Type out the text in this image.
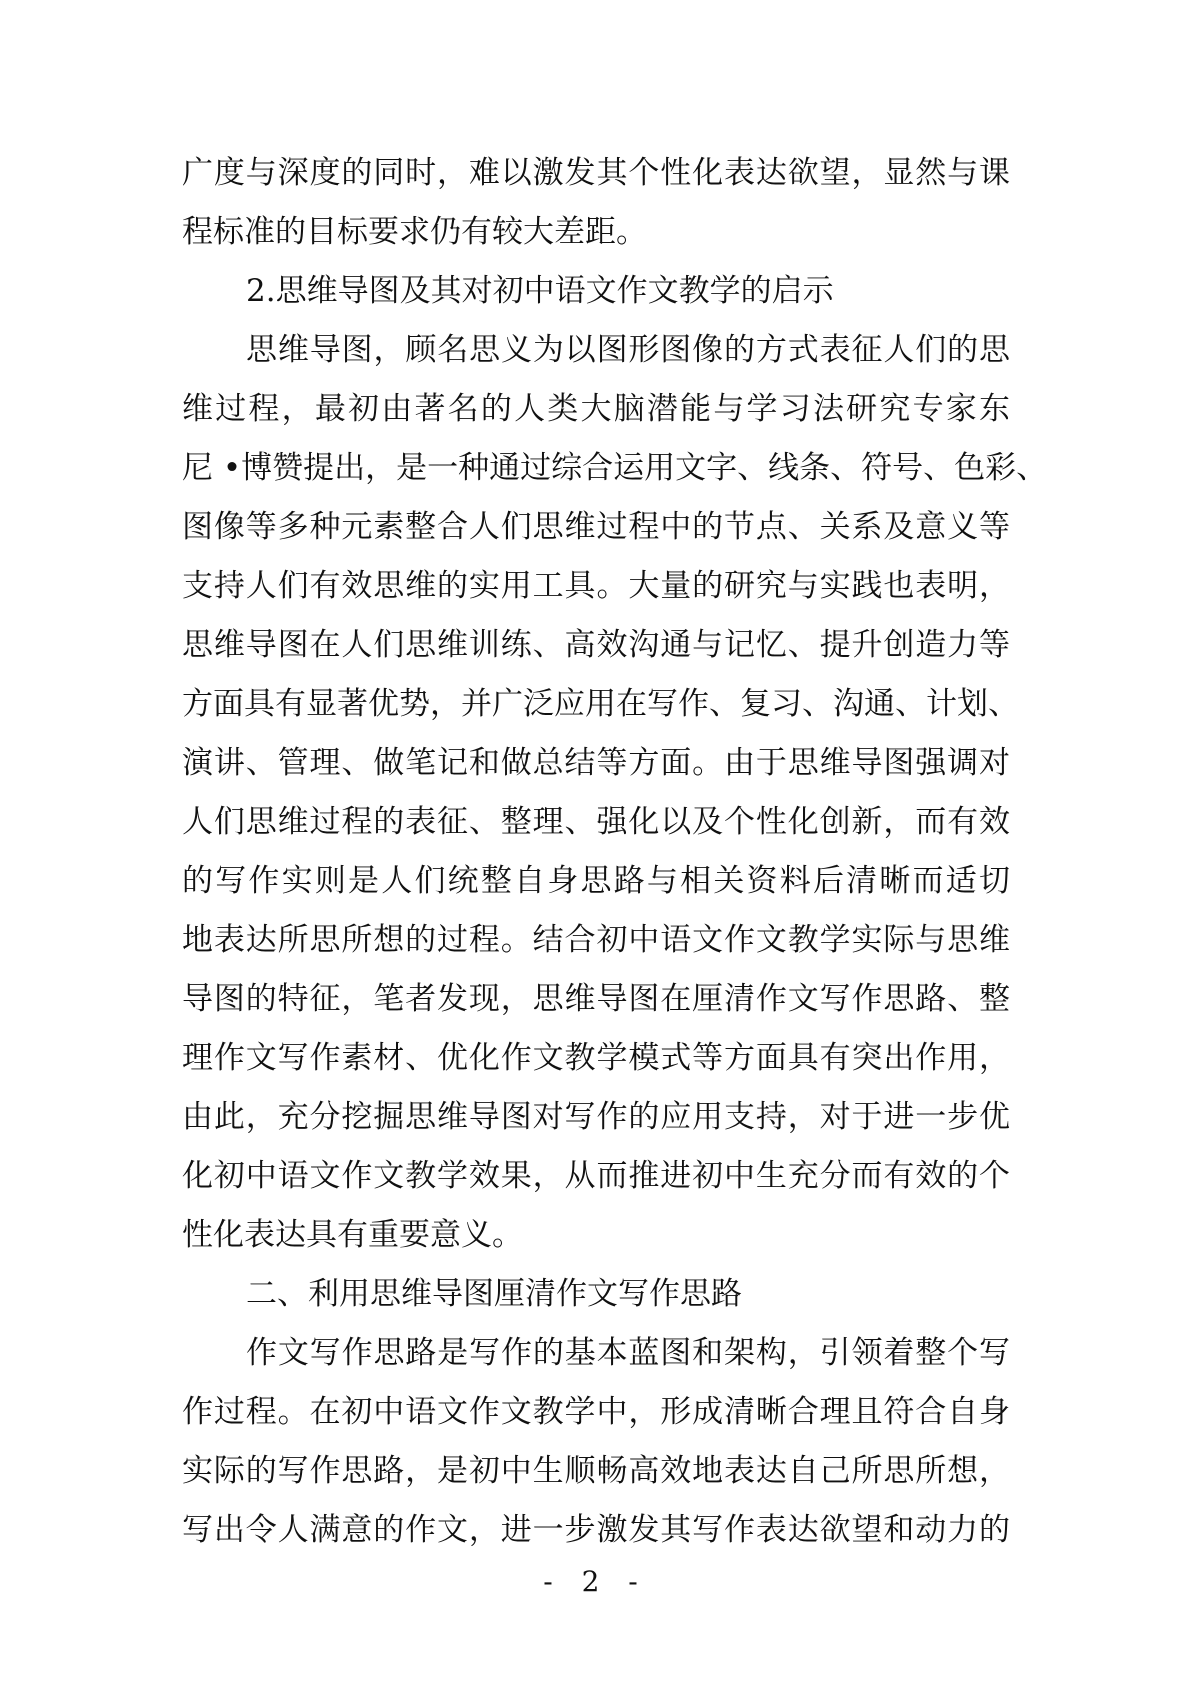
广度与深度的同时，难以激发其个性化表达欲望，显然与课
程标准的目标要求仍有较大差距。
2.思维导图及其对初中语文作文教学的启示
思维导图，顾名思义为以图形图像的方式表征人们的思
维过程，最初由著名的人类大脑潜能与学习法研究专家东
尼 •博赞提出，是一种通过综合运用文字、线条、符号、色彩、
图像等多种元素整合人们思维过程中的节点、关系及意义等
支持人们有效思维的实用工具。大量的研究与实践也表明，
思维导图在人们思维训练、高效沟通与记忆、提升创造力等
方面具有显著优势，并广泛应用在写作、复习、沟通、计划、
演讲、管理、做笔记和做总结等方面。由于思维导图强调对
人们思维过程的表征、整理、强化以及个性化创新，而有效
的写作实则是人们统整自身思路与相关资料后清晰而适切
地表达所思所想的过程。结合初中语文作文教学实际与思维
导图的特征，笔者发现，思维导图在厘清作文写作思路、整
理作文写作素材、优化作文教学模式等方面具有突出作用，
由此，充分挖掘思维导图对写作的应用支持，对于进一步优
化初中语文作文教学效果，从而推进初中生充分而有效的个
性化表达具有重要意义。
二、利用思维导图厘清作文写作思路
作文写作思路是写作的基本蓝图和架构，引领着整个写
作过程。在初中语文作文教学中，形成清晰合理且符合自身
实际的写作思路，是初中生顺畅高效地表达自己所思所想，
写出令人满意的作文，进一步激发其写作表达欲望和动力的
- 2 -
